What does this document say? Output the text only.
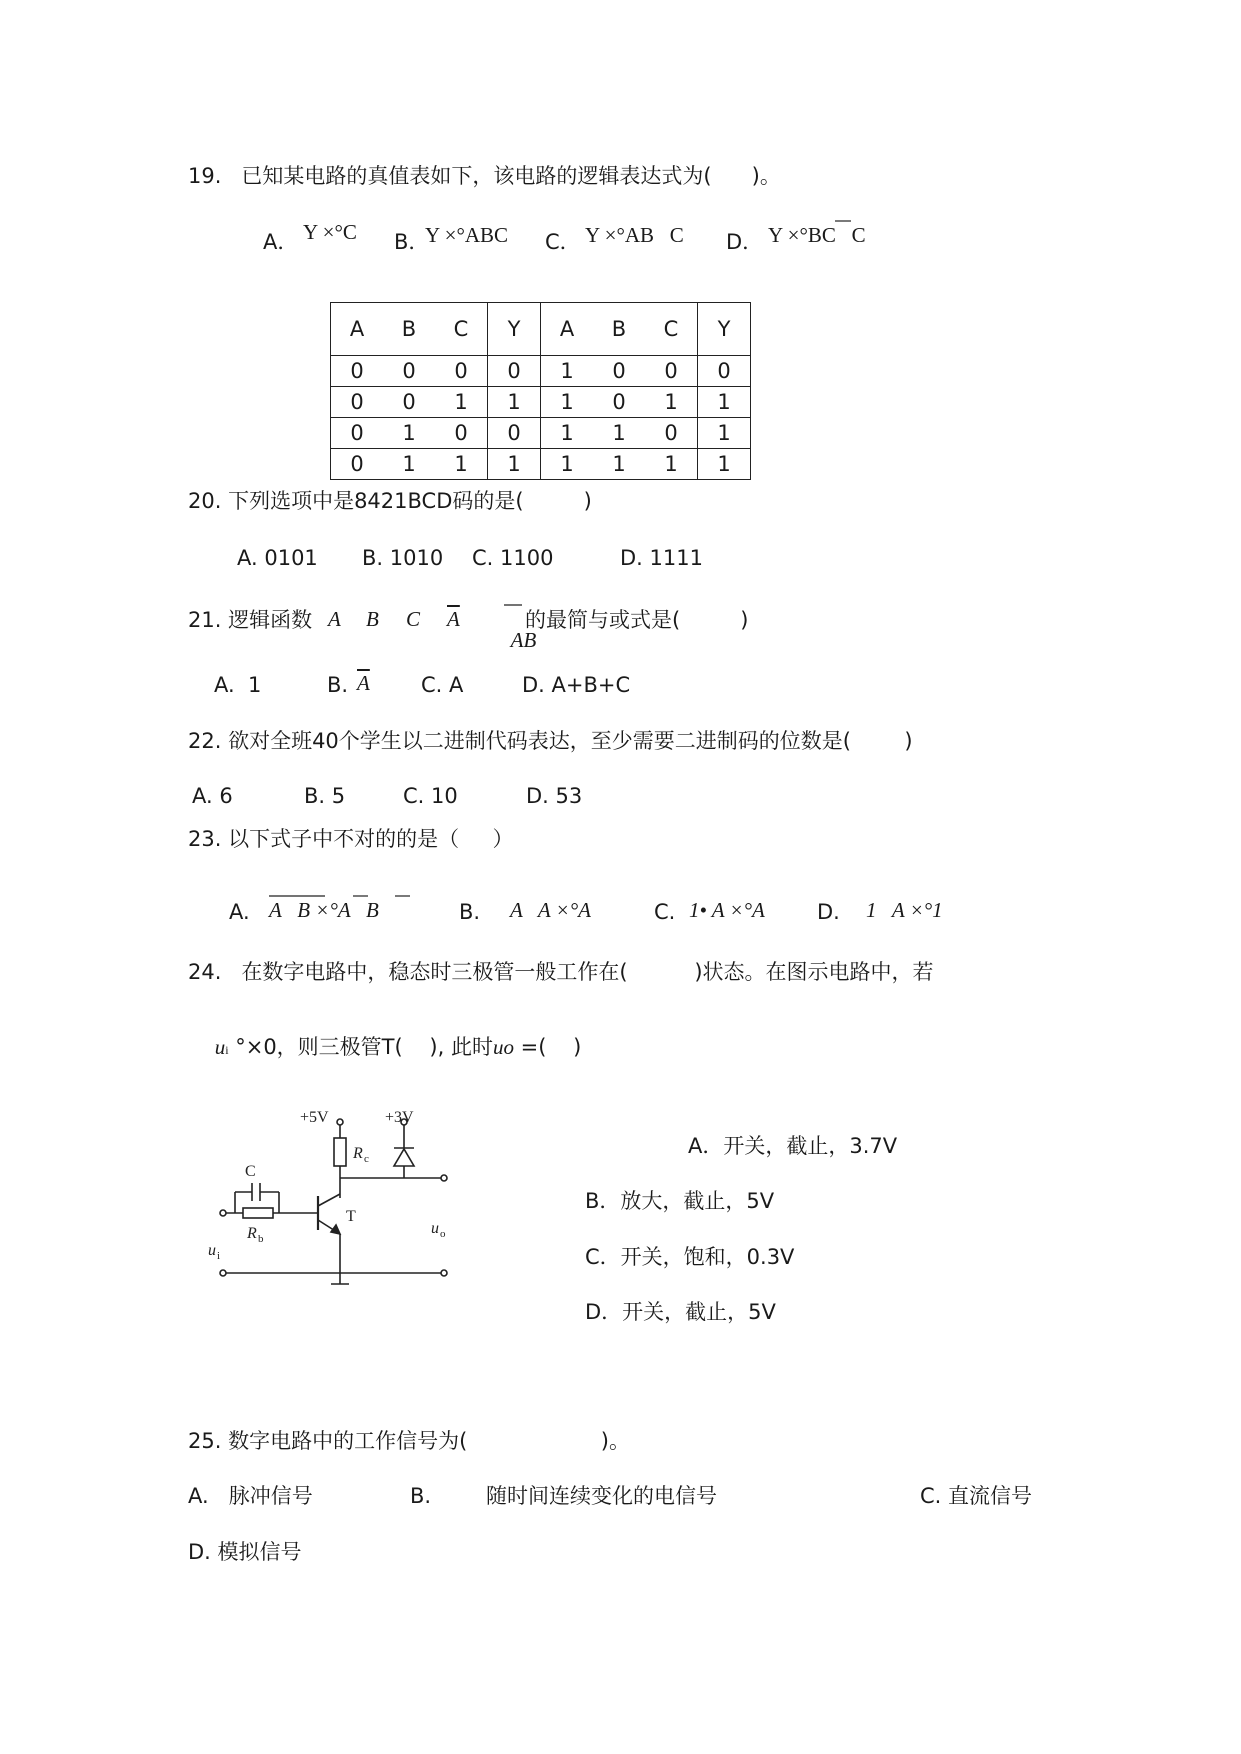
19.   已知某电路的真值表如下，该电路的逻辑表达式为(      )。
A． Y ×°C B．
Y ×°ABC C． Y ×°AB   C D． Y ×°BC   C
A	B	C	Y	A	B	C	Y
0	0	0	0	1	0	0	0
0	0	1	1	1	0	1	1
0	1	0	0	1	1	0	1
0	1	1	1	1	1	1	1
20. 下列选项中是8421BCD码的是(         )
A. 0101 B. 1010 C. 1100	D. 1111
21. 逻辑函数 A B C $\overline{A}$

AB

的最简与或式是(         )
A.  1	B. $\overline{A}$ C. A	D. A+B+C
22. 欲对全班40个学生以二进制代码表达，至少需要二进制码的位数是(        )
A. 6	B. 5	C. 10	D. 53
23. 以下式子中不对的的是（     ）
A. A   B ×°A   B	B. A   A ×°A	C. 1• A ×°A D. 1   A ×°1
24.   在数字电路中，稳态时三极管一般工作在(          )状态。在图示电路中，若

ui °×0，则三极管T(    ), 此时uo =(    )

+5V	+3V
R c
C
R b
T
u i
u o
A．开关，截止，3.7V
B．放大，截止，5V
C．开关，饱和，0.3V
D．开关，截止，5V
25. 数字电路中的工作信号为(                    )。
A.   脉冲信号	B.	随时间连续变化的电信号	C. 直流信号
D. 模拟信号
